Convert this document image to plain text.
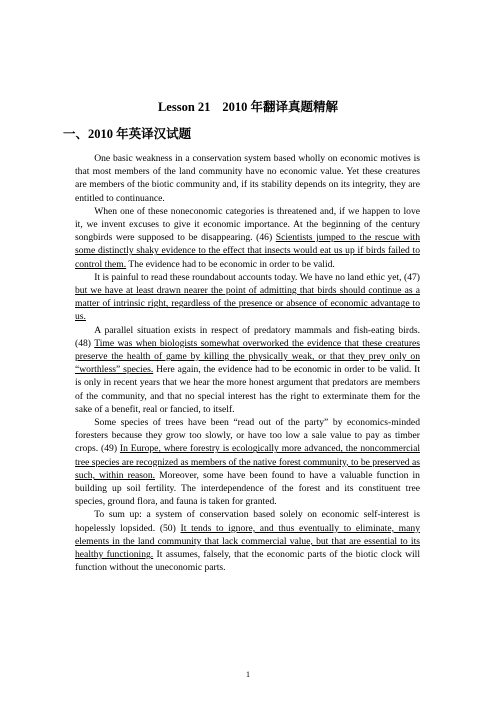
Lesson 21 2010 年翻译真题精解
一、2010 年英译汉试题

One basic weakness in a conservation system based wholly on economic motives is that most members of the land community have no economic value. Yet these creatures are members of the biotic community and, if its stability depends on its integrity, they are entitled to continuance.

When one of these noneconomic categories is threatened and, if we happen to love it, we invent excuses to give it economic importance. At the beginning of the century songbirds were supposed to be disappearing. (46) Scientists jumped to the rescue with some distinctly shaky evidence to the effect that insects would eat us up if birds failed to control them. The evidence had to be economic in order to be valid.

It is painful to read these roundabout accounts today. We have no land ethic yet, (47) but we have at least drawn nearer the point of admitting that birds should continue as a matter of intrinsic right, regardless of the presence or absence of economic advantage to us.

A parallel situation exists in respect of predatory mammals and fish-eating birds. (48) Time was when biologists somewhat overworked the evidence that these creatures preserve the health of game by killing the physically weak, or that they prey only on “worthless” species. Here again, the evidence had to be economic in order to be valid. It is only in recent years that we hear the more honest argument that predators are members of the community, and that no special interest has the right to exterminate them for the sake of a benefit, real or fancied, to itself.

Some species of trees have been “read out of the party” by economics-minded foresters because they grow too slowly, or have too low a sale value to pay as timber crops. (49) In Europe, where forestry is ecologically more advanced, the noncommercial tree species are recognized as members of the native forest community, to be preserved as such, within reason. Moreover, some have been found to have a valuable function in building up soil fertility. The interdependence of the forest and its constituent tree species, ground flora, and fauna is taken for granted.

To sum up: a system of conservation based solely on economic self-interest is hopelessly lopsided. (50) It tends to ignore, and thus eventually to eliminate, many elements in the land community that lack commercial value, but that are essential to its healthy functioning. It assumes, falsely, that the economic parts of the biotic clock will function without the uneconomic parts.

1
